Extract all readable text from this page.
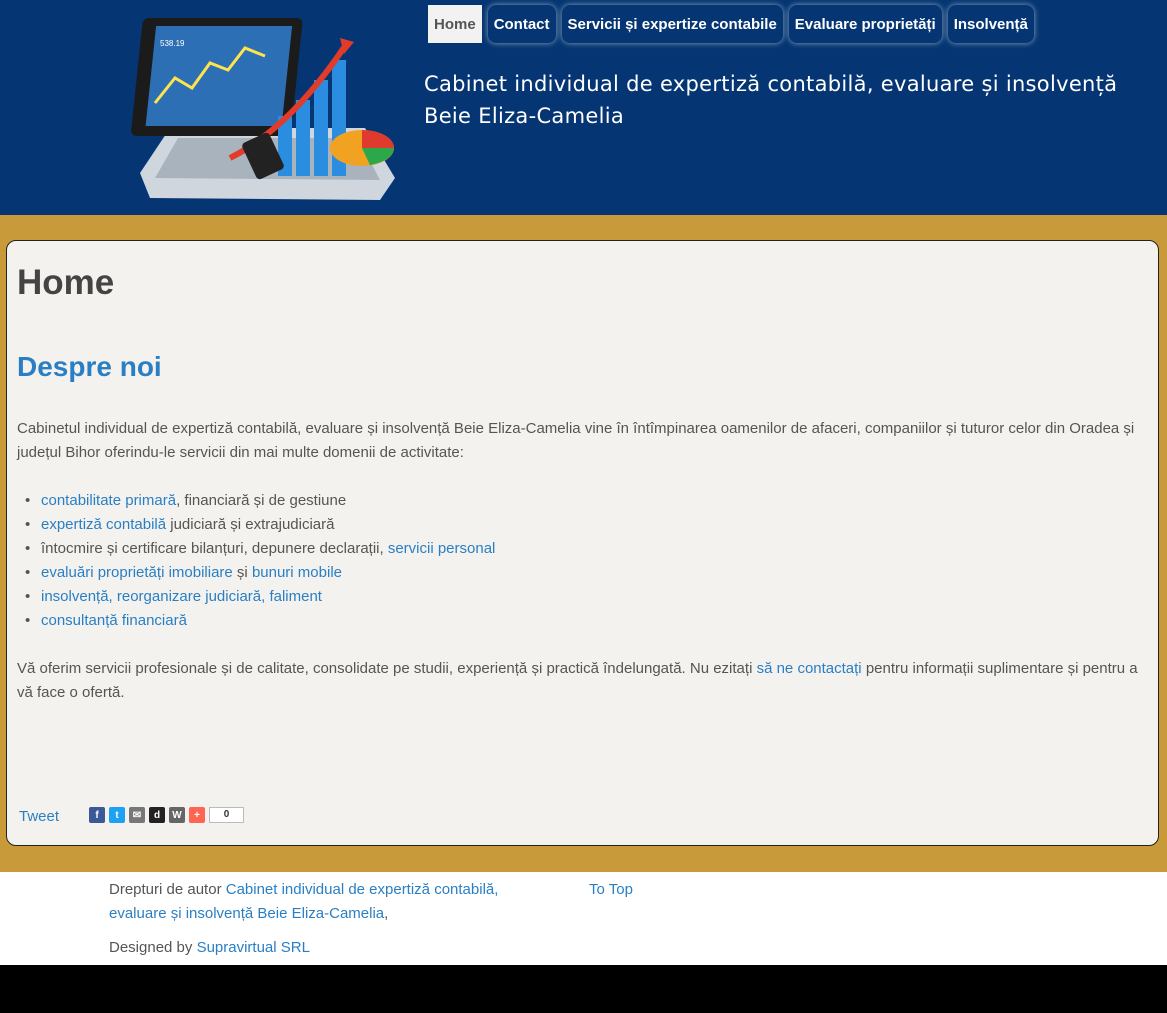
538.19
Home	Contact	Servicii și expertize contabile	Evaluare proprietăți	Insolvență
Cabinet individual de expertiză contabilă, evaluare și insolvență
Beie Eliza-Camelia
Home
Despre noi

Cabinetul individual de expertiză contabilă, evaluare și insolvență Beie Eliza-Camelia vine în întîmpinarea oamenilor de afaceri, companiilor și tuturor celor din Oradea și județul Bihor oferindu-le servicii din mai multe domenii de activitate:

• contabilitate primară, financiară și de gestiune
• expertiză contabilă judiciară și extrajudiciară
• întocmire și certificare bilanțuri, depunere declarații, servicii personal
• evaluări proprietăți imobiliare și bunuri mobile
• insolvență, reorganizare judiciară, faliment
• consultanță financiară

Vă oferim servicii profesionale și de calitate, consolidate pe studii, experiență și practică îndelungată. Nu ezitați să ne contactați pentru informații suplimentare și pentru a vă face o ofertă.

Tweet	f	t	✉	d	W	+	0
Drepturi de autor Cabinet individual de expertiză contabilă, evaluare și insolvență Beie Eliza-Camelia,
To Top
Designed by Supravirtual SRL
